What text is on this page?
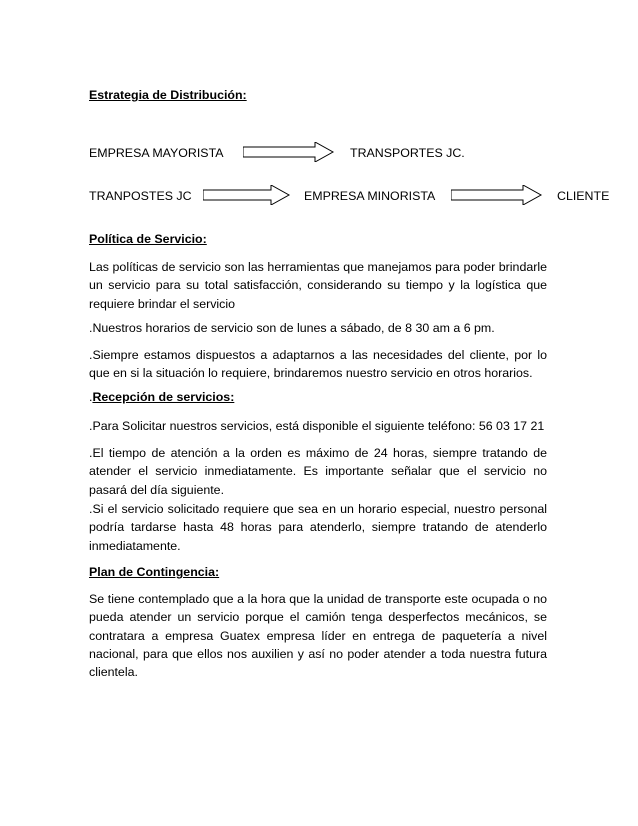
Estrategia de Distribución:
EMPRESA MAYORISTA	TRANSPORTES JC.
TRANPOSTES JC	EMPRESA MINORISTA	CLIENTE
Política de Servicio:

Las políticas de servicio son las herramientas que manejamos para poder brindarle un servicio para su total satisfacción, considerando su tiempo y la logística que requiere brindar el servicio

.Nuestros horarios de servicio son de lunes a sábado, de 8 30 am a 6 pm.

.Siempre estamos dispuestos a adaptarnos a las necesidades del cliente, por lo que en si la situación lo requiere, brindaremos nuestro servicio en otros horarios.

.Recepción de servicios:

.Para Solicitar nuestros servicios, está disponible el siguiente teléfono: 56 03 17 21

.El tiempo de atención a la orden es máximo de 24 horas, siempre tratando de atender el servicio inmediatamente. Es importante señalar que el servicio no pasará del día siguiente.

.Si el servicio solicitado requiere que sea en un horario especial, nuestro personal podría tardarse hasta 48 horas para atenderlo, siempre tratando de atenderlo inmediatamente.

Plan de Contingencia:

Se tiene contemplado que a la hora que la unidad de transporte este ocupada o no pueda atender un servicio porque el camión tenga desperfectos mecánicos, se contratara a empresa Guatex empresa líder en entrega de paquetería a nivel nacional, para que ellos nos auxilien y así no poder atender a toda nuestra futura clientela.
